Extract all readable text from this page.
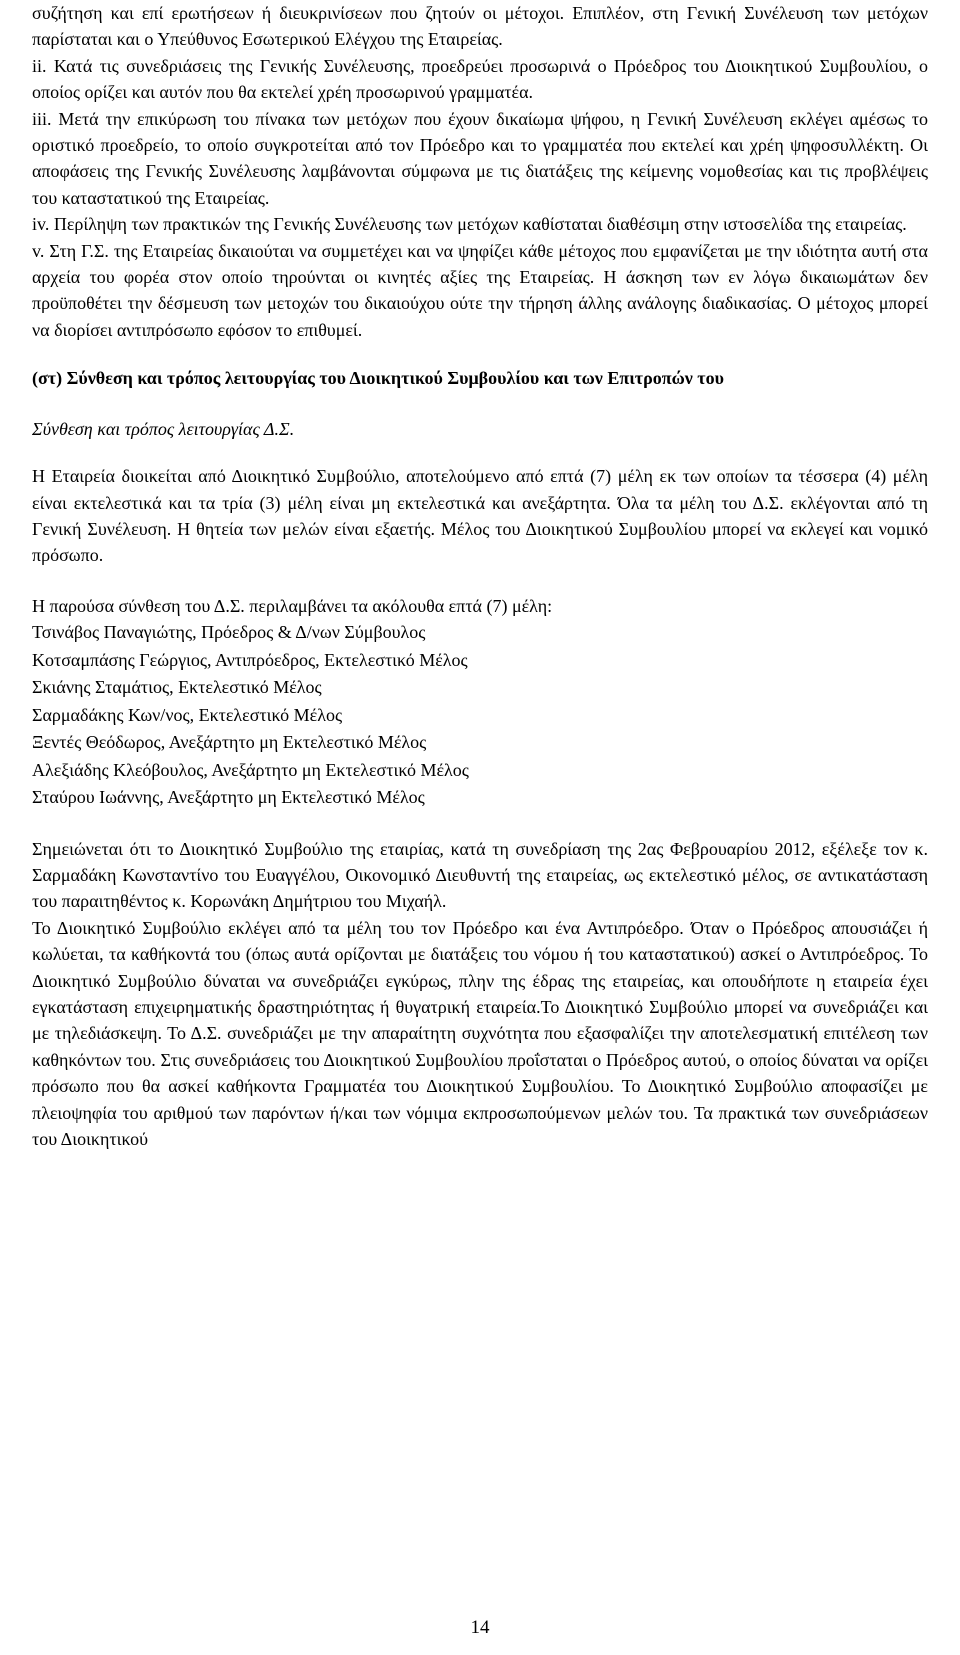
συζήτηση και επί ερωτήσεων ή διευκρινίσεων που ζητούν οι μέτοχοι. Επιπλέον, στη Γενική Συνέλευση των μετόχων παρίσταται και ο Υπεύθυνος Εσωτερικού Ελέγχου της Εταιρείας.

ii. Κατά τις συνεδριάσεις της Γενικής Συνέλευσης, προεδρεύει προσωρινά ο Πρόεδρος του Διοικητικού Συμβουλίου, ο οποίος ορίζει και αυτόν που θα εκτελεί χρέη προσωρινού γραμματέα.

iii. Μετά την επικύρωση του πίνακα των μετόχων που έχουν δικαίωμα ψήφου, η Γενική Συνέλευση εκλέγει αμέσως το οριστικό προεδρείο, το οποίο συγκροτείται από τον Πρόεδρο και το γραμματέα που εκτελεί και χρέη ψηφοσυλλέκτη. Οι αποφάσεις της Γενικής Συνέλευσης λαμβάνονται σύμφωνα με τις διατάξεις της κείμενης νομοθεσίας και τις προβλέψεις του καταστατικού της Εταιρείας.

iv. Περίληψη των πρακτικών της Γενικής Συνέλευσης των μετόχων καθίσταται διαθέσιμη στην ιστοσελίδα της εταιρείας.

v. Στη Γ.Σ. της Εταιρείας δικαιούται να συμμετέχει και να ψηφίζει κάθε μέτοχος που εμφανίζεται με την ιδιότητα αυτή στα αρχεία του φορέα στον οποίο τηρούνται οι κινητές αξίες της Εταιρείας. Η άσκηση των εν λόγω δικαιωμάτων δεν προϋποθέτει την δέσμευση των μετοχών του δικαιούχου ούτε την τήρηση άλλης ανάλογης διαδικασίας. Ο μέτοχος μπορεί να διορίσει αντιπρόσωπο εφόσον το επιθυμεί.

(στ) Σύνθεση και τρόπος λειτουργίας του Διοικητικού Συμβουλίου και των Επιτροπών του

Σύνθεση και τρόπος λειτουργίας Δ.Σ.

Η Εταιρεία διοικείται από Διοικητικό Συμβούλιο, αποτελούμενο από επτά (7) μέλη εκ των οποίων τα τέσσερα (4) μέλη είναι εκτελεστικά και τα τρία (3) μέλη είναι μη εκτελεστικά και ανεξάρτητα. Όλα τα μέλη του Δ.Σ. εκλέγονται από τη Γενική Συνέλευση. Η θητεία των μελών είναι εξαετής. Μέλος του Διοικητικού Συμβουλίου μπορεί να εκλεγεί και νομικό πρόσωπο.

Η παρούσα σύνθεση του Δ.Σ. περιλαμβάνει τα ακόλουθα επτά (7) μέλη:

Τσινάβος Παναγιώτης, Πρόεδρος & Δ/νων Σύμβουλος
Κοτσαμπάσης Γεώργιος, Αντιπρόεδρος, Εκτελεστικό Μέλος
Σκιάνης Σταμάτιος, Εκτελεστικό Μέλος
Σαρμαδάκης Κων/νος, Εκτελεστικό Μέλος
Ξεντές Θεόδωρος, Ανεξάρτητο μη Εκτελεστικό Μέλος
Αλεξιάδης Κλεόβουλος, Ανεξάρτητο μη Εκτελεστικό Μέλος
Σταύρου Ιωάννης, Ανεξάρτητο μη Εκτελεστικό Μέλος

Σημειώνεται ότι το Διοικητικό Συμβούλιο της εταιρίας, κατά τη συνεδρίαση της 2ας Φεβρουαρίου 2012, εξέλεξε τον κ. Σαρμαδάκη Κωνσταντίνο του Ευαγγέλου, Οικονομικό Διευθυντή της εταιρείας, ως εκτελεστικό μέλος, σε αντικατάσταση του παραιτηθέντος κ. Κορωνάκη Δημήτριου του Μιχαήλ.

Το Διοικητικό Συμβούλιο εκλέγει από τα μέλη του τον Πρόεδρο και ένα Αντιπρόεδρο. Όταν ο Πρόεδρος απουσιάζει ή κωλύεται, τα καθήκοντά του (όπως αυτά ορίζονται με διατάξεις του νόμου ή του καταστατικού) ασκεί ο Αντιπρόεδρος. Το Διοικητικό Συμβούλιο δύναται να συνεδριάζει εγκύρως, πλην της έδρας της εταιρείας, και οπουδήποτε η εταιρεία έχει εγκατάσταση επιχειρηματικής δραστηριότητας ή θυγατρική εταιρεία.Το Διοικητικό Συμβούλιο μπορεί να συνεδριάζει και με τηλεδιάσκεψη. Το Δ.Σ. συνεδριάζει με την απαραίτητη συχνότητα που εξασφαλίζει την αποτελεσματική επιτέλεση των καθηκόντων του. Στις συνεδριάσεις του Διοικητικού Συμβουλίου προΐσταται ο Πρόεδρος αυτού, ο οποίος δύναται να ορίζει πρόσωπο που θα ασκεί καθήκοντα Γραμματέα του Διοικητικού Συμβουλίου. Το Διοικητικό Συμβούλιο αποφασίζει με πλειοψηφία του αριθμού των παρόντων ή/και των νόμιμα εκπροσωπούμενων μελών του. Τα πρακτικά των συνεδριάσεων του Διοικητικού

14
